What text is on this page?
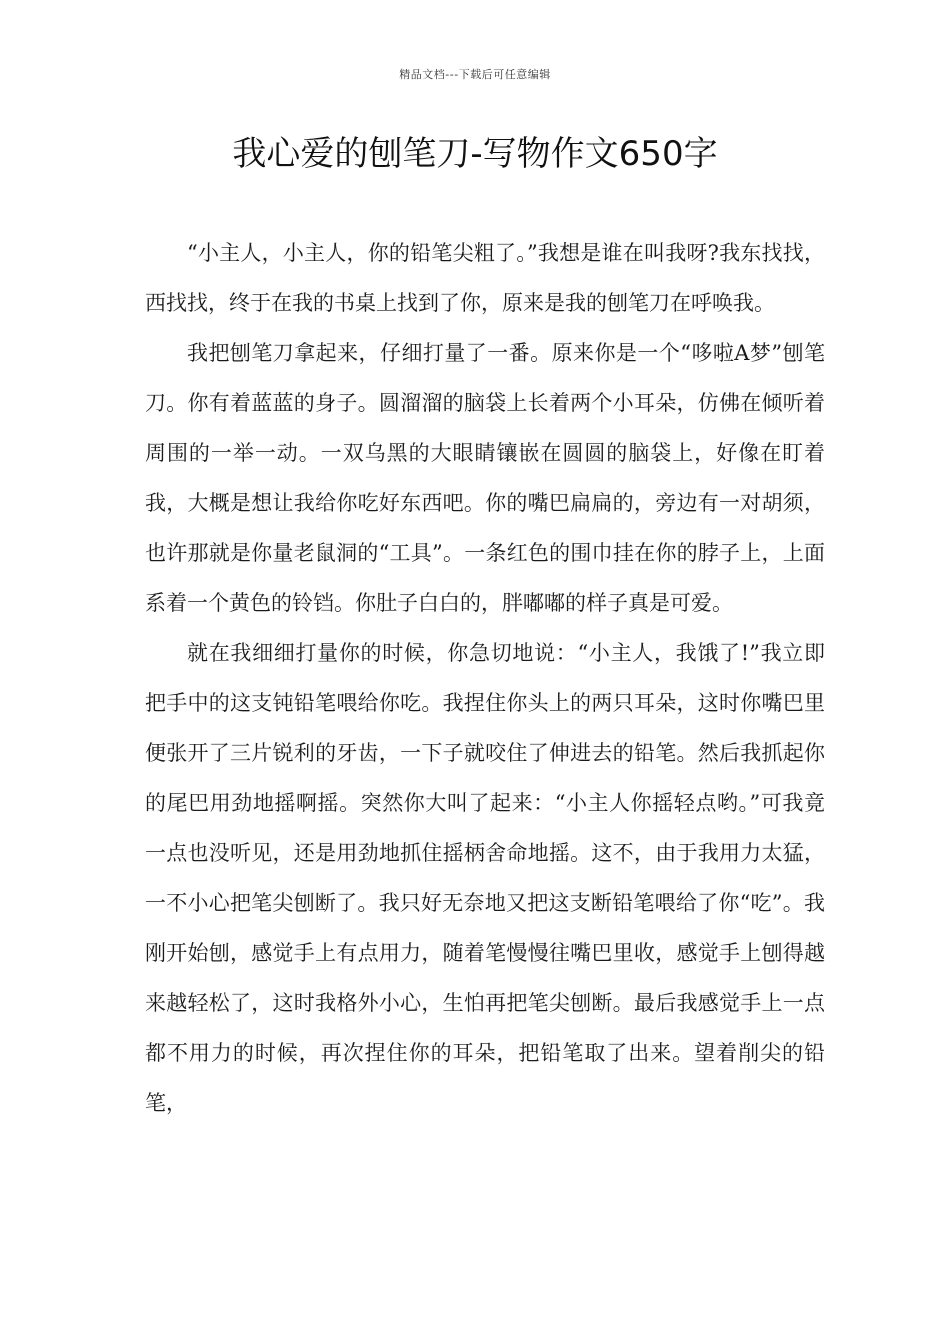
精品文档---下载后可任意编辑
我心爱的刨笔刀-写物作文650字

“小主人，小主人，你的铅笔尖粗了。”我想是谁在叫我呀?我东找找，西找找，终于在我的书桌上找到了你，原来是我的刨笔刀在呼唤我。

我把刨笔刀拿起来，仔细打量了一番。原来你是一个“哆啦A梦”刨笔刀。你有着蓝蓝的身子。圆溜溜的脑袋上长着两个小耳朵，仿佛在倾听着周围的一举一动。一双乌黑的大眼睛镶嵌在圆圆的脑袋上，好像在盯着我，大概是想让我给你吃好东西吧。你的嘴巴扁扁的，旁边有一对胡须，也许那就是你量老鼠洞的“工具”。一条红色的围巾挂在你的脖子上，上面系着一个黄色的铃铛。你肚子白白的，胖嘟嘟的样子真是可爱。

就在我细细打量你的时候，你急切地说：“小主人，我饿了!”我立即把手中的这支钝铅笔喂给你吃。我捏住你头上的两只耳朵，这时你嘴巴里便张开了三片锐利的牙齿，一下子就咬住了伸进去的铅笔。然后我抓起你的尾巴用劲地摇啊摇。突然你大叫了起来：“小主人你摇轻点哟。”可我竟一点也没听见，还是用劲地抓住摇柄舍命地摇。这不，由于我用力太猛，一不小心把笔尖刨断了。我只好无奈地又把这支断铅笔喂给了你“吃”。我刚开始刨，感觉手上有点用力，随着笔慢慢往嘴巴里收，感觉手上刨得越来越轻松了，这时我格外小心，生怕再把笔尖刨断。最后我感觉手上一点都不用力的时候，再次捏住你的耳朵，把铅笔取了出来。望着削尖的铅笔，
